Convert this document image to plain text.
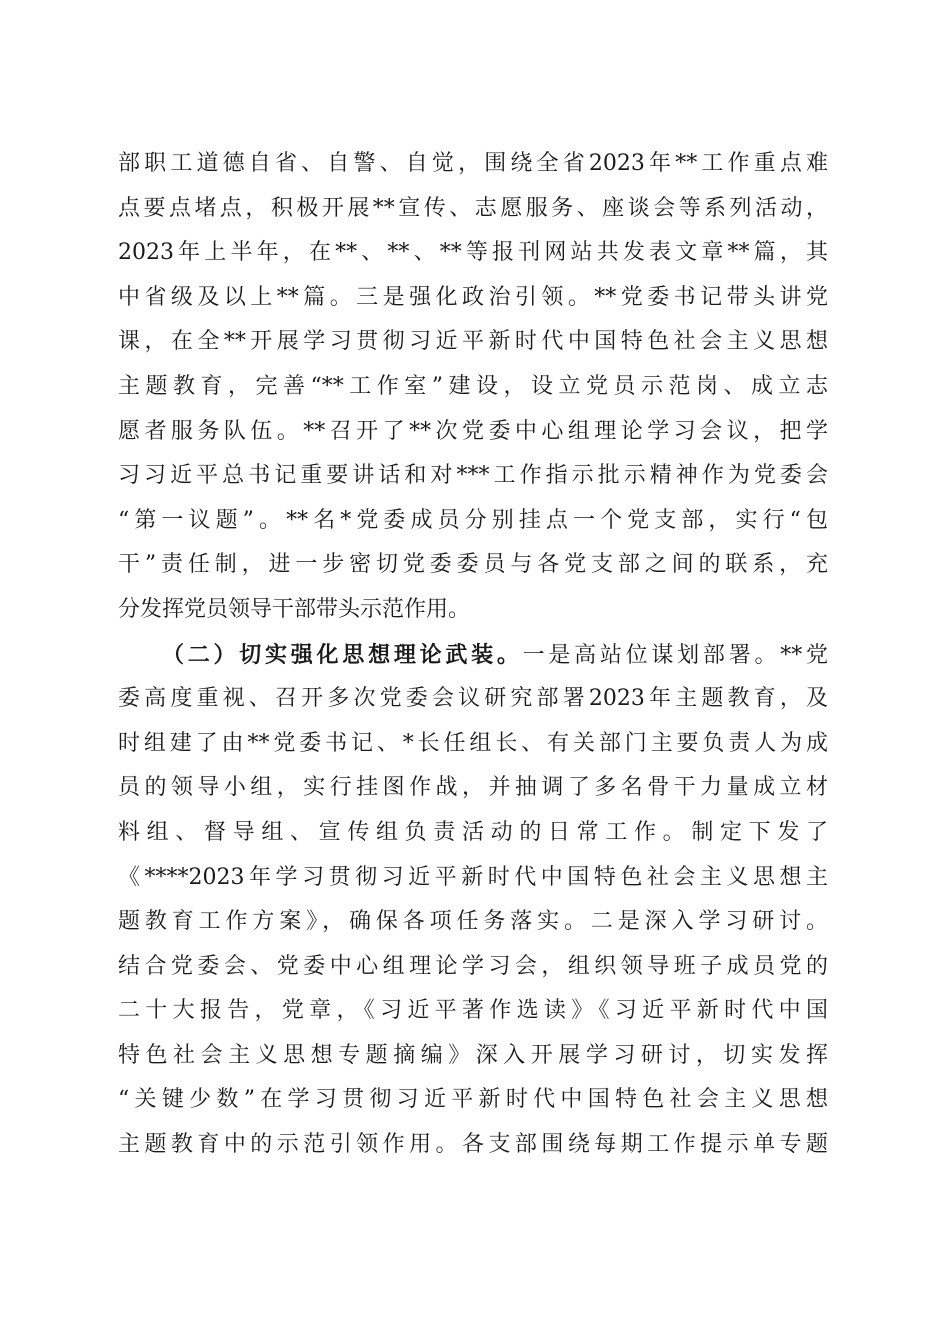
部职工道德自省、自警、自觉，围绕全省2023年**工作重点难
点要点堵点，积极开展**宣传、志愿服务、座谈会等系列活动，
2023年上半年，在**、**、**等报刊网站共发表文章**篇，其
中省级及以上**篇。三是强化政治引领。**党委书记带头讲党
课，在全**开展学习贯彻习近平新时代中国特色社会主义思想
主题教育，完善“**工作室”建设，设立党员示范岗、成立志
愿者服务队伍。**召开了**次党委中心组理论学习会议，把学
习习近平总书记重要讲话和对***工作指示批示精神作为党委会
“第一议题”。**名*党委成员分别挂点一个党支部，实行“包
干”责任制，进一步密切党委委员与各党支部之间的联系，充
分发挥党员领导干部带头示范作用。
（二）切实强化思想理论武装。一是高站位谋划部署。**党
委高度重视、召开多次党委会议研究部署2023年主题教育，及
时组建了由**党委书记、*长任组长、有关部门主要负责人为成
员的领导小组，实行挂图作战，并抽调了多名骨干力量成立材
料组、督导组、宣传组负责活动的日常工作。制定下发了
《****2023年学习贯彻习近平新时代中国特色社会主义思想主
题教育工作方案》，确保各项任务落实。二是深入学习研讨。
结合党委会、党委中心组理论学习会，组织领导班子成员党的
二十大报告，党章，《习近平著作选读》《习近平新时代中国
特色社会主义思想专题摘编》深入开展学习研讨，切实发挥
“关键少数”在学习贯彻习近平新时代中国特色社会主义思想
主题教育中的示范引领作用。各支部围绕每期工作提示单专题
